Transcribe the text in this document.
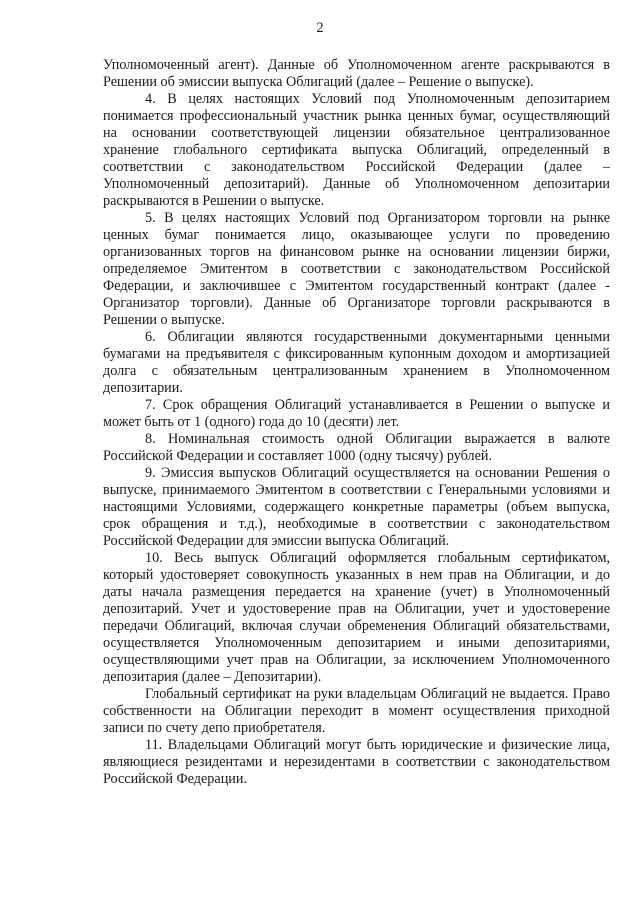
2

Уполномоченный агент). Данные об Уполномоченном агенте раскрываются в Решении об эмиссии выпуска Облигаций (далее – Решение о выпуске).

4. В целях настоящих Условий под Уполномоченным депозитарием понимается профессиональный участник рынка ценных бумаг, осуществляющий на основании соответствующей лицензии обязательное централизованное хранение глобального сертификата выпуска Облигаций, определенный в соответствии с законодательством Российской Федерации (далее – Уполномоченный депозитарий). Данные об Уполномоченном депозитарии раскрываются в Решении о выпуске.

5. В целях настоящих Условий под Организатором торговли на рынке ценных бумаг понимается лицо, оказывающее услуги по проведению организованных торгов на финансовом рынке на основании лицензии биржи, определяемое Эмитентом в соответствии с законодательством Российской Федерации, и заключившее с Эмитентом государственный контракт (далее - Организатор торговли). Данные об Организаторе торговли раскрываются в Решении о выпуске.

6. Облигации являются государственными документарными ценными бумагами на предъявителя с фиксированным купонным доходом и амортизацией долга с обязательным централизованным хранением в Уполномоченном депозитарии.

7. Срок обращения Облигаций устанавливается в Решении о выпуске и может быть от 1 (одного) года до 10 (десяти) лет.

8. Номинальная стоимость одной Облигации выражается в валюте Российской Федерации и составляет 1000 (одну тысячу) рублей.

9. Эмиссия выпусков Облигаций осуществляется на основании Решения о выпуске, принимаемого Эмитентом в соответствии с Генеральными условиями и настоящими Условиями, содержащего конкретные параметры (объем выпуска, срок обращения и т.д.), необходимые в соответствии с законодательством Российской Федерации для эмиссии выпуска Облигаций.

10. Весь выпуск Облигаций оформляется глобальным сертификатом, который удостоверяет совокупность указанных в нем прав на Облигации, и до даты начала размещения передается на хранение (учет) в Уполномоченный депозитарий. Учет и удостоверение прав на Облигации, учет и удостоверение передачи Облигаций, включая случаи обременения Облигаций обязательствами, осуществляется Уполномоченным депозитарием и иными депозитариями, осуществляющими учет прав на Облигации, за исключением Уполномоченного депозитария (далее – Депозитарии).

Глобальный сертификат на руки владельцам Облигаций не выдается. Право собственности на Облигации переходит в момент осуществления приходной записи по счету депо приобретателя.

11. Владельцами Облигаций могут быть юридические и физические лица, являющиеся резидентами и нерезидентами в соответствии с законодательством Российской Федерации.
